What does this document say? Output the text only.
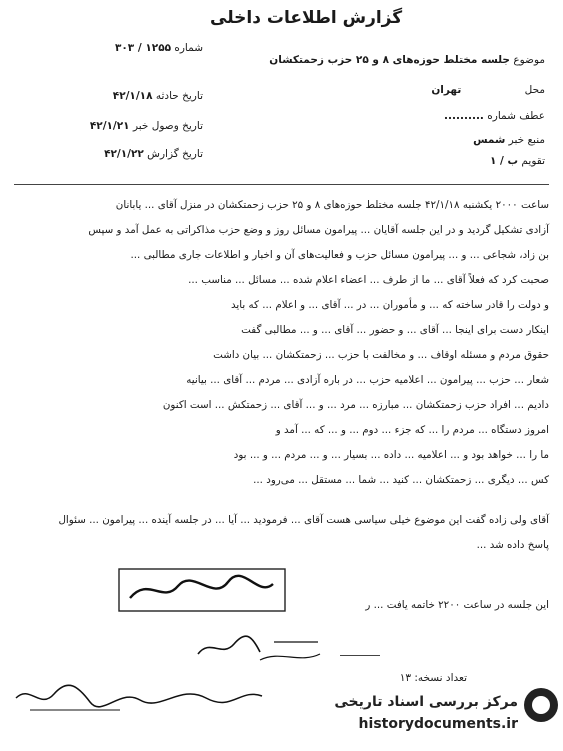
گزارش اطلاعات داخلی
شماره ۱۲۵۵ / ۳۰۳
تاریخ حادثه ۴۲/۱/۱۸
تاریخ وصول خبر ۴۲/۱/۲۱
تاریخ گزارش ۴۲/۱/۲۲
موضوع جلسه مختلط حوزه‌های ۸ و ۲۵ حزب زحمتکشان
محل تهران
عطف شماره ..........
منبع خبر شمس
تقویم ب / ۱
ساعت ۲۰۰۰ یکشنبه ۴۲/۱/۱۸ جلسه مختلط حوزه‌های ۸ و ۲۵ حزب زحمتکشان در منزل آقای ... یابانان
آزادی تشکیل گردید و در این جلسه آقایان ... پیرامون مسائل روز و وضع حزب مذاکراتی به عمل آمد و سپس
بن زاد، شجاعی ... و ... پیرامون مسائل حزب و فعالیت‌های آن و اخبار و اطلاعات جاری مطالبی ...
صحبت کرد که فعلاً آقای ... ما از طرف ... اعضاء اعلام شده ... مسائل ... مناسب ...
و دولت را قادر ساخته که ... و مأموران ... در ... آقای ... و اعلام ... که باید
اینکار دست برای اینجا ... آقای ... و حضور ... آقای ... و ... مطالبی گفت
حقوق مردم و مسئله اوقاف ... و مخالفت با حزب ... زحمتکشان ... بیان داشت
شعار ... حزب ... پیرامون ... اعلامیه حزب ... در باره آزادی ... مردم ... آقای ... بیانیه
دادیم ... افراد حزب زحمتکشان ... مبارزه ... مرد ... و ... آقای ... زحمتکش ... است اکنون
امروز دستگاه ... مردم را ... که جزء ... دوم ... و ... که ... آمد و
ما را ... خواهد بود و ... اعلامیه ... داده ... بسیار ... و ... مردم ... و ... بود
کس ... دیگری ... زحمتکشان ... کنید ... شما ... مستقل ... می‌رود ...
آقای ولی زاده گفت این موضوع خیلی سیاسی هست آقای ... فرمودید ... آیا ... در جلسه آینده ... پیرامون ... سئوال
پاسخ داده شد ...
این جلسه در ساعت ۲۲۰۰ خاتمه یافت ... ر
تعداد نسخه: ۱۳
مرکز بررسی اسناد تاریخی
historydocuments.ir
